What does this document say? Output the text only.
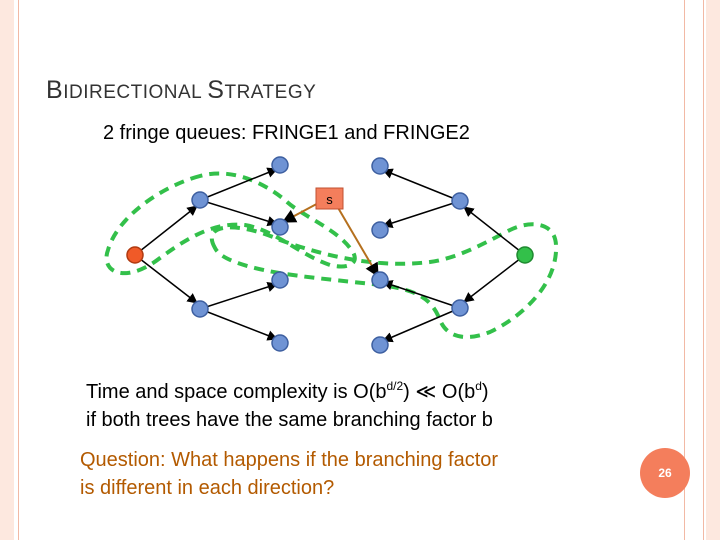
BIDIRECTIONAL STRATEGY
2 fringe queues: FRINGE1 and FRINGE2
s
Time and space complexity is $O(b^{d/2})$ ≪ $O(b^d)$
if both trees have the same branching factor b
Question: What happens if the branching factor
is different in each direction?
26
